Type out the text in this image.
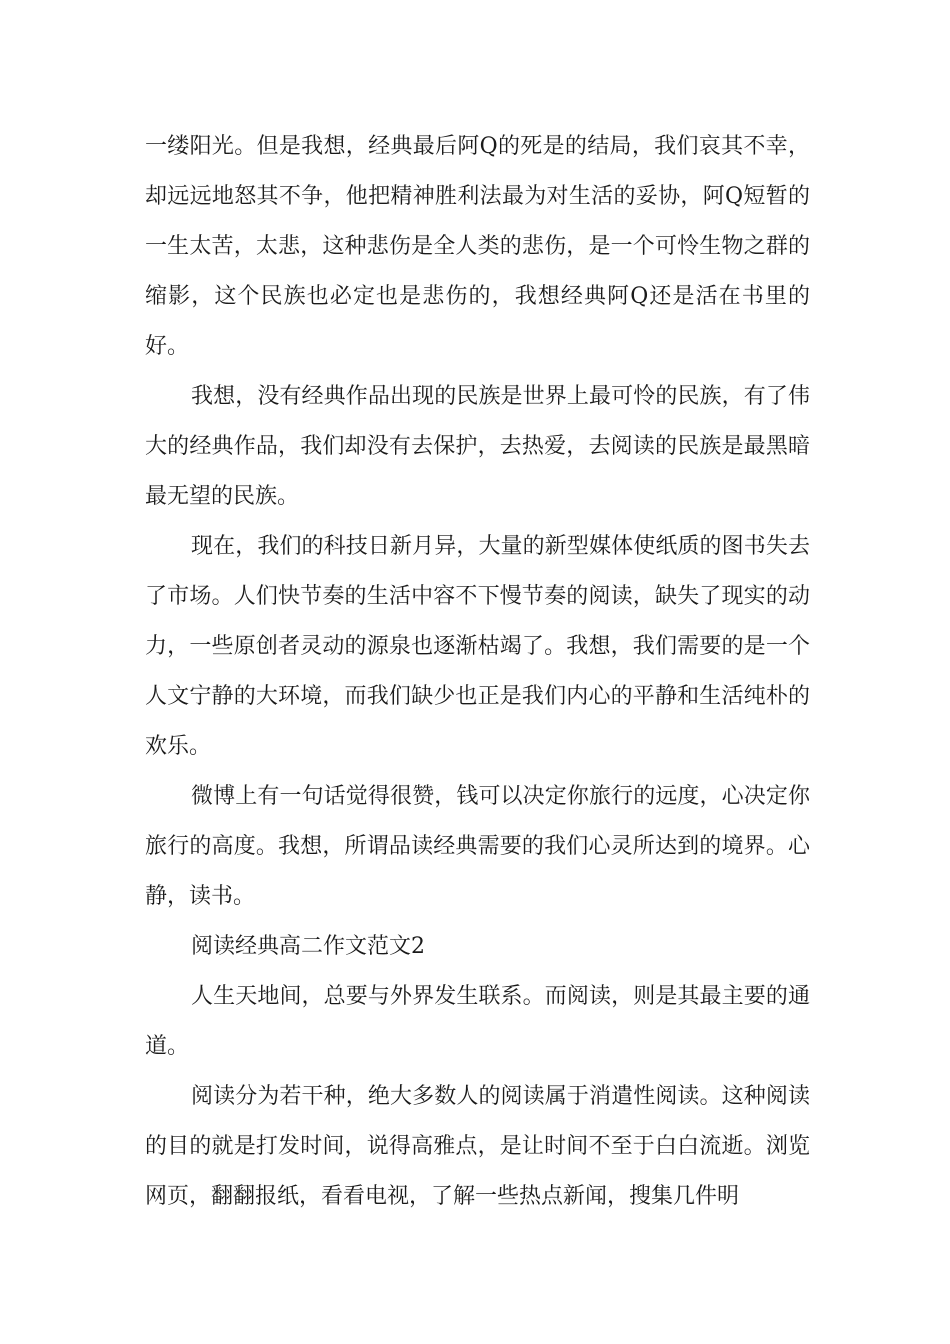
一缕阳光。但是我想，经典最后阿Q的死是的结局，我们哀其不幸，却远远地怒其不争，他把精神胜利法最为对生活的妥协，阿Q短暂的一生太苦，太悲，这种悲伤是全人类的悲伤，是一个可怜生物之群的缩影，这个民族也必定也是悲伤的，我想经典阿Q还是活在书里的好。

我想，没有经典作品出现的民族是世界上最可怜的民族，有了伟大的经典作品，我们却没有去保护，去热爱，去阅读的民族是最黑暗最无望的民族。

现在，我们的科技日新月异，大量的新型媒体使纸质的图书失去了市场。人们快节奏的生活中容不下慢节奏的阅读，缺失了现实的动力，一些原创者灵动的源泉也逐渐枯竭了。我想，我们需要的是一个人文宁静的大环境，而我们缺少也正是我们内心的平静和生活纯朴的欢乐。

微博上有一句话觉得很赞，钱可以决定你旅行的远度，心决定你旅行的高度。我想，所谓品读经典需要的我们心灵所达到的境界。心静，读书。

阅读经典高二作文范文2

人生天地间，总要与外界发生联系。而阅读，则是其最主要的通道。

阅读分为若干种，绝大多数人的阅读属于消遣性阅读。这种阅读的目的就是打发时间，说得高雅点，是让时间不至于白白流逝。浏览网页，翻翻报纸，看看电视，了解一些热点新闻，搜集几件明
